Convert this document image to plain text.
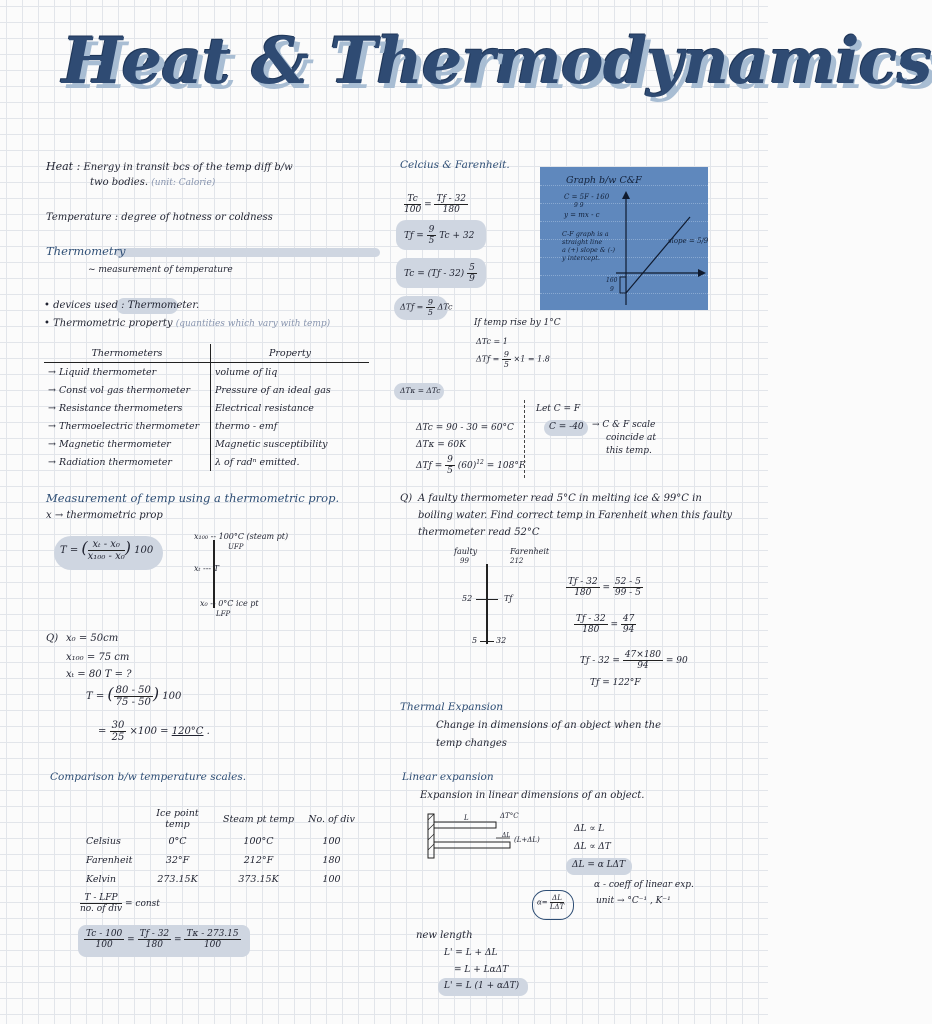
Heat & Thermodynamics
Heat : Energy in transit bcs of the temp diff b/w
two bodies. (unit: Calorie)
Temperature : degree of hotness or coldness
Thermometry
~ measurement of temperature
• devices used : Thermometer.
• Thermometric property (quantities which vary with temp)
Thermometers	Property
→ Liquid thermometer	volume of liq
→ Const vol gas thermometer	Pressure of an ideal gas
→ Resistance thermometers	Electrical resistance
→ Thermoelectric thermometer	thermo - emf
→ Magnetic thermometer	Magnetic susceptibility
→ Radiation thermometer	λ of radⁿ emitted.
Measurement of temp using a thermometric prop.
x → thermometric prop
T = ( $\frac{\text{xₜ - x₀}}{\text{x₁₀₀ - x₀}}$ ) 100
x₁₀₀ -- 100°C (steam pt)
UFP
xₜ --- T
x₀ -- 0°C ice pt
LFP
Q) x₀ = 50cm
x₁₀₀ = 75 cm
xₜ = 80 T = ?
T = ( $\frac{80 - 50}{75 - 50}$ ) 100
= $\frac{30}{25} \times 100 = 120^\circ C$ .
Comparison b/w temperature scales.
	Ice point temp	Steam pt temp	No. of div
Celsius	0°C	100°C	100
Farenheit	32°F	212°F	180
Kelvin	273.15K	373.15K	100
$\frac{\text{T - LFP}}{\text{no. of div}}$ = const
$\frac{Tc - 100}{100} = \frac{Tƒ - 32}{180} = \frac{T\kappa - 273.15}{100}$
Celcius & Farenheit.
$\frac{Tc}{100} = \frac{Tƒ - 32}{180}$
Tƒ = $\frac{9}{5}$ Tc + 32
Tc = (Tƒ - $32) \frac{5}{9}$
ΔTƒ = $\frac{9}{5}$ ΔTc
If temp rise by 1°C
ΔTc = 1
ΔTƒ = $\frac{9}{5} \times 1 = 1.8$
ΔTκ = ΔTc
ΔTc = 90 - 30 = 60°C
ΔTκ = 60K
ΔTƒ = $\frac{9}{5} (60)^{12} = 108^\circ F$
Let C = F
C = -40 → C & F scale
coincide at
this temp.
Graph b/w C&F
C = 5F - 160
9 9
y = mx - c
C-F graph is a
straight line
a (+) slope & (-)
y intercept.
slope = 5/9
160
9
Q) A faulty thermometer read 5°C in melting ice & 99°C in
boiling water. Find correct temp in Farenheit when this faulty
thermometer read 52°C
faulty
99
Farenheit
212
52	Tƒ
5 32
$\frac{Tƒ - 32}{180} = \frac{52 - 5}{99 - 5}$
$\frac{Tƒ - 32}{180} = \frac{47}{94}$
Tƒ - $32 = \frac{47\times 180}{94} = 90$
Tƒ = 122°F
Thermal Expansion
Change in dimensions of an object when the
temp changes
Linear expansion
Expansion in linear dimensions of an object.
L	ΔT°C
ΔL
(L+ΔL)
ΔL ∝ L
ΔL ∝ ΔT
ΔL = α LΔT
α - coeff of linear exp.
unit → °C⁻¹ , K⁻¹
$\alpha= \frac{\Delta L}{\text{LΔT}}$
new length
L' = L + ΔL
= L + LαΔT
L' = L (1 + αΔT)
